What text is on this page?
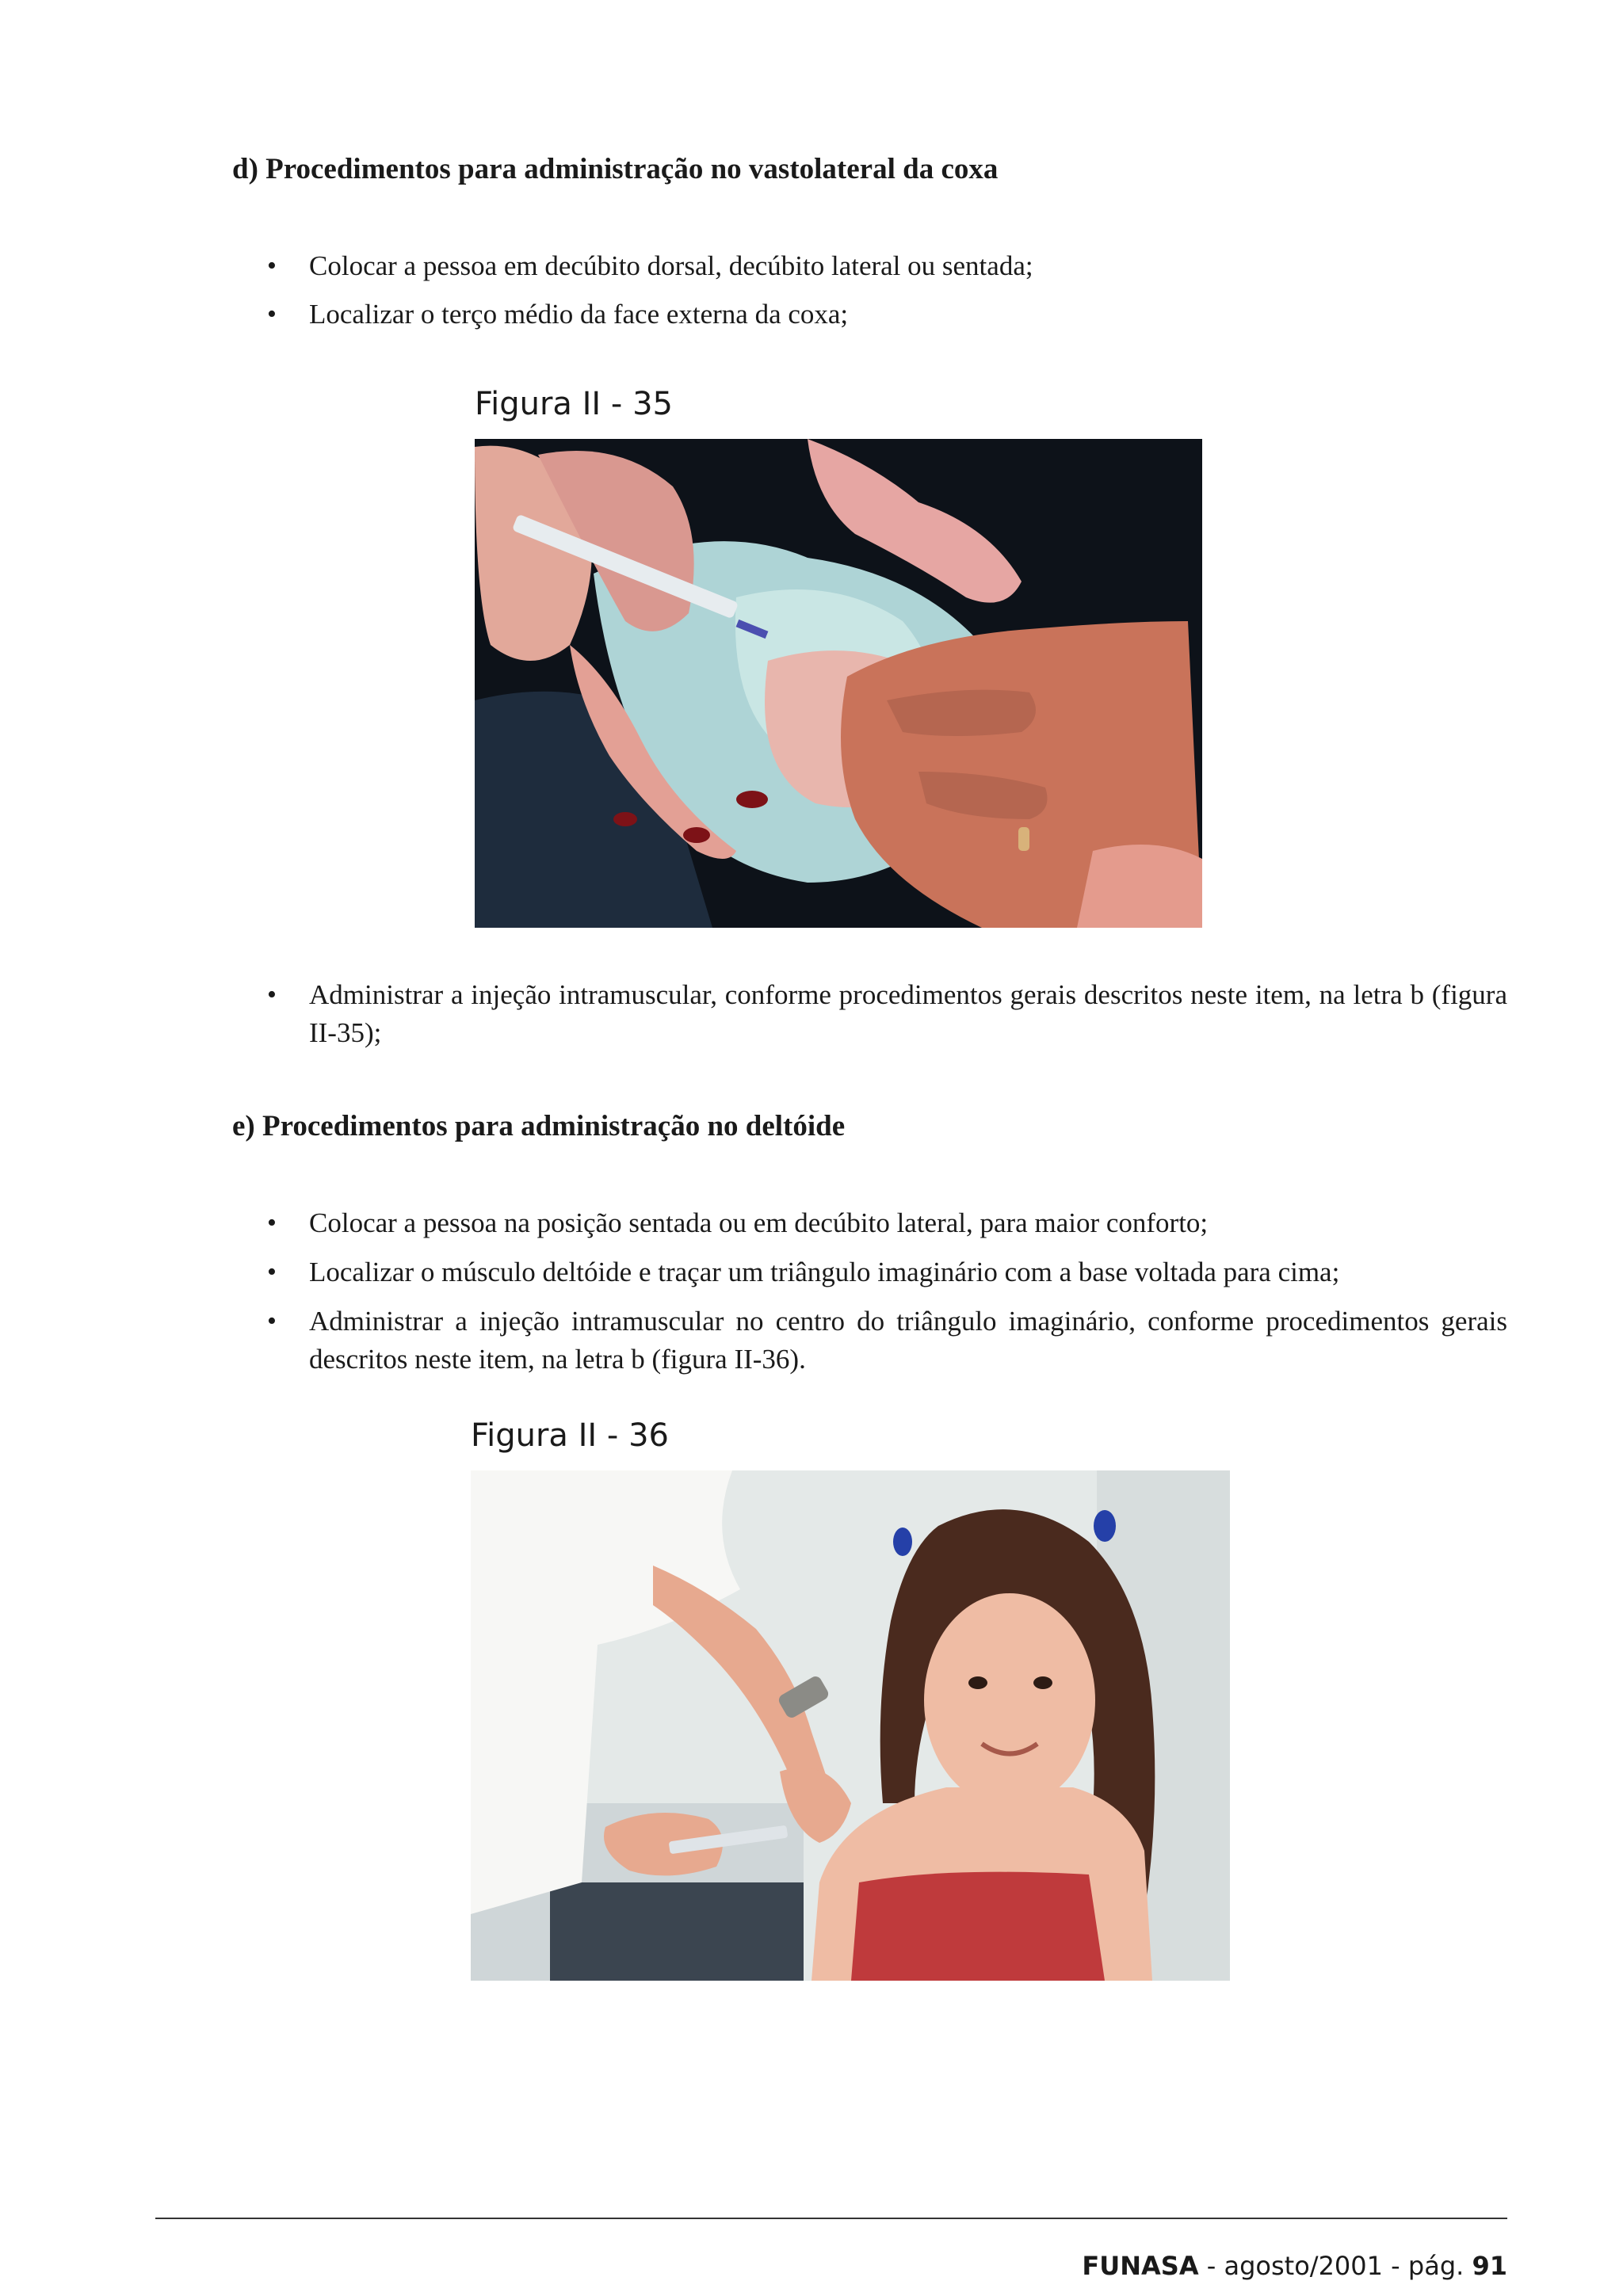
d) Procedimentos para administração no vastolateral da coxa
• Colocar a pessoa em decúbito dorsal, decúbito lateral ou sentada;
• Localizar o terço médio da face externa da coxa;

Figura II - 35

• Administrar a injeção intramuscular, conforme procedimentos gerais descritos neste item, na letra b (figura II-35);
e) Procedimentos para administração no deltóide
• Colocar a pessoa na posição sentada ou em decúbito lateral, para maior conforto;
• Localizar o músculo deltóide e traçar um triângulo imaginário com a base voltada para cima;
• Administrar a injeção intramuscular no centro do triângulo imaginário, conforme procedimentos gerais descritos neste item, na letra b (figura II-36).

Figura II - 36

FUNASA - agosto/2001 - pág. 91
